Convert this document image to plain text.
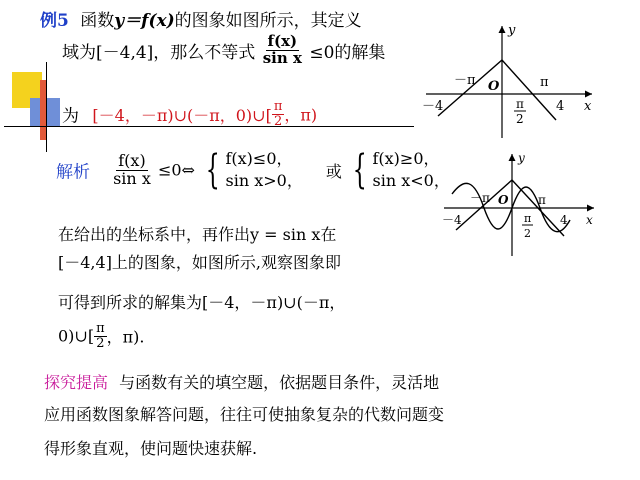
例5 函数y＝f(x)的图象如图所示，其定义
域为[－4,4]，那么不等式 $\frac{f(x)}{\text{sin x}} \le 0$的解集
为 [－4，－π)∪(－π，0)∪[ $\frac{\pi}{2}$ ，π)
解析 $\frac{f(x)}{\text{sin x}}$ ≤0⇔ { f(x)≤0，
sin x>0， 或 { f(x)≥0，
sin x<0，
在给出的坐标系中，再作出y = sin x在
[－4,4]上的图象，如图所示,观察图象即
可得到所求的解集为[－4，－π)∪(－π，
0)∪[ $\frac{\pi}{2}$ ，π).
探究提高 与函数有关的填空题，依据题目条件，灵活地
应用函数图象解答问题，往往可使抽象复杂的代数问题变
得形象直观，使问题快速获解.
y
x
－π O	π
－4	4
π
2
y
x
－π O π
－4	4
π
2
